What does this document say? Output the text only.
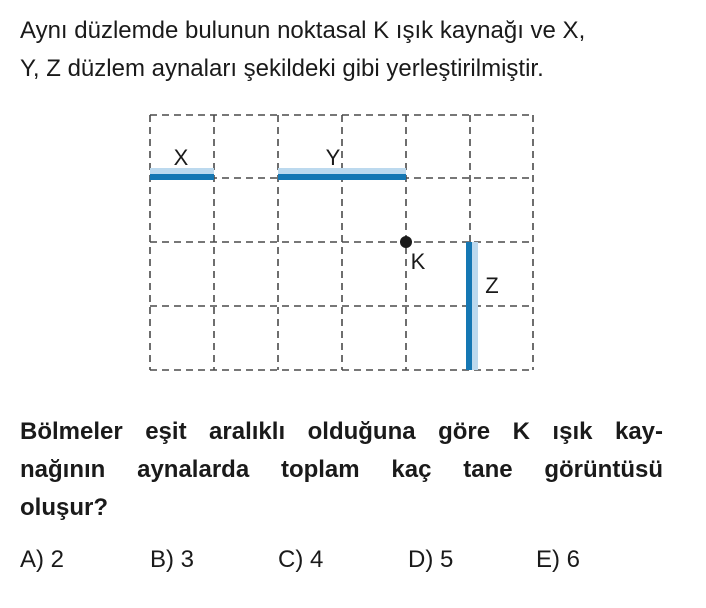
Aynı düzlemde bulunun noktasal K ışık kaynağı ve X,
Y, Z düzlem aynaları şekildeki gibi yerleştirilmiştir.
X	Y
Z
K
Bölmeler eşit aralıklı olduğuna göre K ışık kay-
nağının aynalarda toplam kaç tane görüntüsü
oluşur?
A) 2	B) 3	C) 4	D) 5	E) 6
